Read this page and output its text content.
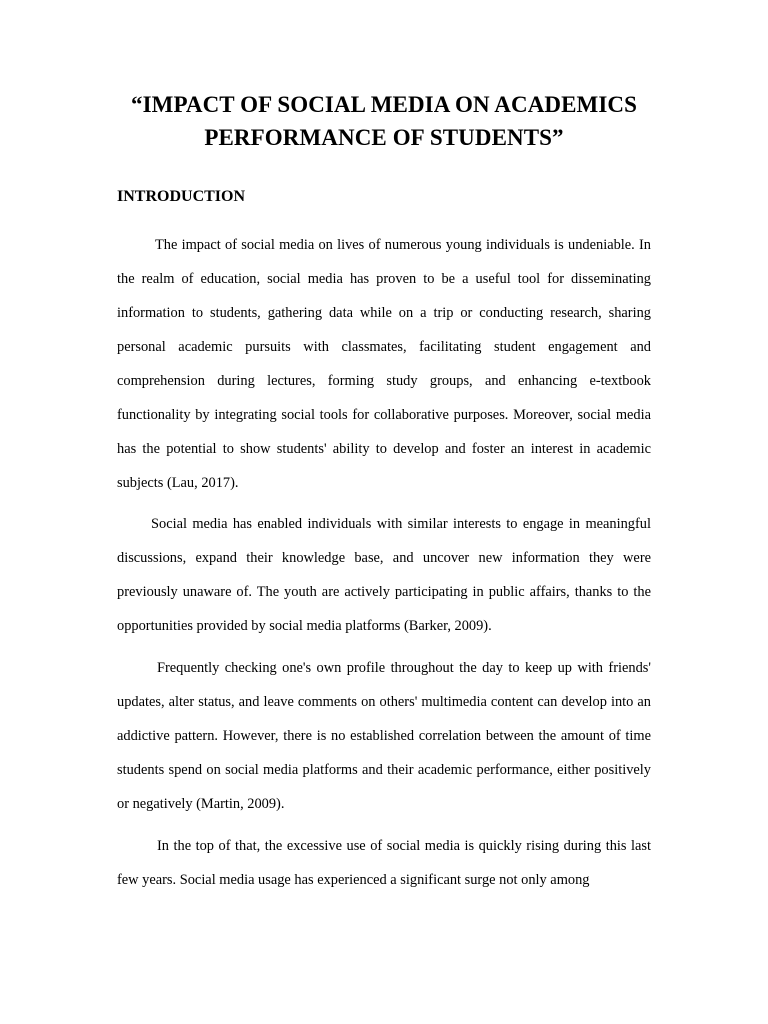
“IMPACT OF SOCIAL MEDIA ON ACADEMICS PERFORMANCE OF STUDENTS”
INTRODUCTION

The impact of social media on lives of numerous young individuals is undeniable. In the realm of education, social media has proven to be a useful tool for disseminating information to students, gathering data while on a trip or conducting research, sharing personal academic pursuits with classmates, facilitating student engagement and comprehension during lectures, forming study groups, and enhancing e-textbook functionality by integrating social tools for collaborative purposes. Moreover, social media has the potential to show students' ability to develop and foster an interest in academic subjects (Lau, 2017).

Social media has enabled individuals with similar interests to engage in meaningful discussions, expand their knowledge base, and uncover new information they were previously unaware of. The youth are actively participating in public affairs, thanks to the opportunities provided by social media platforms (Barker, 2009).

Frequently checking one's own profile throughout the day to keep up with friends' updates, alter status, and leave comments on others' multimedia content can develop into an addictive pattern. However, there is no established correlation between the amount of time students spend on social media platforms and their academic performance, either positively or negatively (Martin, 2009).

In the top of that, the excessive use of social media is quickly rising during this last few years. Social media usage has experienced a significant surge not only among
